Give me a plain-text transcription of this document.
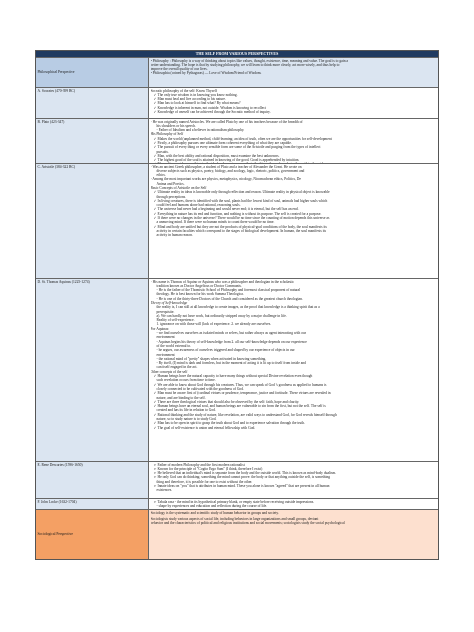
THE SELF FROM VARIOUS PERSPECTIVES
Philosophical Perspective

• Philosophy : Philosophy is a way of thinking about topics like values, thought, existence, time, meaning and value. The goal is to gain a

better understanding. The hope is that by studying philosophy, we will learn to think more clearly, act more wisely, and thus help to

improve the overall quality of our lives.

• Philosophia (coined by Pythagoras) — Love of Wisdom/Friend of Wisdom.

A. Socrates (470-399 BC)	Socratic philosophy of the self: Know Thyself

✓ The only true wisdom is in knowing you know nothing.

✓ Man must heal and live according to his nature.

✓ Man has to look at himself to find what? By what means?

✓ Knowledge is inherent in man, not outside. Wisdom is knowing to recollect

✓ Knowledge of oneself can be achieved through the Socratic method of inquiry.

B. Plato (423-347)	- He was originally named Aristocles. We are called Plato by one of his teachers because of the breadth of

his shoulders or his speech.

- Father of Idealism and a believer in rationalism philosophy.

His Philosophy of Self

✓ Makes the world (unplanned method, child-learning; an idea of truth, often we are the opportunities for self-development

✓ Firstly, a philosophy pursues one ultimate form coherent everything of what they are capable.

✓ The pursuit of every thing or every sensible form are some of the Aristotle and purging from the types of intellect

pursuits.

✓ Man, with the best ability and rational disposition, must examine the best unknowns.

✓ The highest good of the soul is attained in knowing of the good. Good is apprehended by intuition.

✓

C. Aristotle (384-322 BC)	- Was an ancient Greek philosopher, a student of Plato and a teacher of Alexander the Great. He wrote on

diverse subjects such as physics, poetry, biology, and zoology, logic, rhetoric, politics, government and

ethics.

- Among the most important works are physics, metaphysics, nicology, Nicomachean ethics, Politics, De

Anima and Poetics.

Basic Concepts of Aristotle on the Self

✓ Ultimate reality in ideas is knowable only through reflection and reason. Ultimate reality in physical object is knowable

through perceptions.

✓ In living creatures, there is identified with the soul, plants had the lowest kind of soul, animals had higher souls which

could feel and humans alone had rational, reasoning souls.

✓ The universe had never had a beginning and would never end; it is eternal, but the self has an end.

✓ Everything in nature has its end and function, and nothing is without its purpose. The self is created for a purpose.

✓ If there were no changes in the universe? There would be no time since the counting of motion depends this universe as

a unmoving mind. If there were no human minds to count there would be no time.

✓ Mind and body are unified but they are not the products of physical-goal conditions of the body, the soul manifests its

activity in certain faculties which correspond to the stages of biological development. In human, the soul manifests its

activity in human reason.

D. St. Thomas Aquinas (1225-1274)	- His name is Thomas of Aquino or Aquinas who was a philosopher and theologian in the scholastic

tradition known as Doctor Angelicus or Doctor Communis.

- He is the father of the Thomistic School of Philosophy and foremost classical proponent of natural

theology. He is best known for his work Summa Theologica.

- He is one of the thirty-three Doctors of the Church and considered as the greatest church theologian.

Theory of Self-knowledge

the reality is, I can still at all knowledge to create images, as the proof that knowledge is a thinking spirit that as a

prerequisite.

a). We can hardly not have work, but ordinarily stripped away by a major challenge in life.

Reality of self-experience.

1. ignorance on with those will (lack of experience. 2. we already are ourselves.

For Aquinas:

- we find ourselves ourselves as isolated minds or selves, but rather always as agent interacting with our

environment

- Aquinas begins his theory of self-knowledge from 2. all our self-knowledge depends on our experience

of the world external to.

- he argues, our awareness of ourselves triggered and shaped by our experience of objects in our

environment

- the rational mind of "pretty" shapes when activated in knowing something.

- By itself, (I) mind is dark and formless, but in the moment of acting it is lit up to itself from inside and

can itself engaged in the act.

Other concepts of the self

✓ Human beings have the natural capacity to have many things without special Divine revelation even though

such revelation occurs from time to time.

✓ We are able to know about God through his creatures. Thus, we can speak of God 's goodness as applied to humans is

closely connected to be cultivated with the goodness of God.

✓ Man must be aware first of (cardinal virtues or prudence, temperance, justice and fortitude. These virtues are revealed in

nature, and are binding to the self.

✓ There are three theological virtues that should also be observed by the self: faith, hope and charity.

✓ Human beings have an eternal soul, and human beings are vulnerable to sin from the first, but not the self. The self is

created and has its life in relation to God.

✓ Rational thinking and the study of nature, like revelation, are valid ways to understand God, for God reveals himself through

nature, so to study nature is to study God.

✓ Man has to be open in spirit to grasp the truth about God and to experience salvation through the truth.

✓ The goal of self-existence is union and eternal fellowship with God.

E. Rene Descartes (1596-1650)	➢ Father of modern Philosophy and the first modern rationalist

➢ Known for the principle of "Cogito Ergo Sum" (I think, therefore I exist)

➢ He believed that an individual's mind is separate from the body and the outside world. This is known as mind-body dualism.

➢ He only God can do thinking; something the mind cannot prove: the body or that anything outside the self, is something

thing and therefore, it is possible for one to exist without the other.

➢ Innate ideas on "you" that is attributes in human mind. These you alone is known "agreed" that are present in all human

existences.

F. John Locke (1632-1704)	➢ Tabula rasa - the mind in its hypothetical primary blank, or empty state before receiving outside impressions.

- shape by experiences and education and reflection during the course of life.

Sociological Perspective

Sociology is the systematic and scientific study of human behavior in groups and society.

Sociologists study various aspects of social life, including behaviors in large organizations and small groups, deviant

behavior and the characteristics of political and religious institutions and social movements; sociologists study the social psychological
